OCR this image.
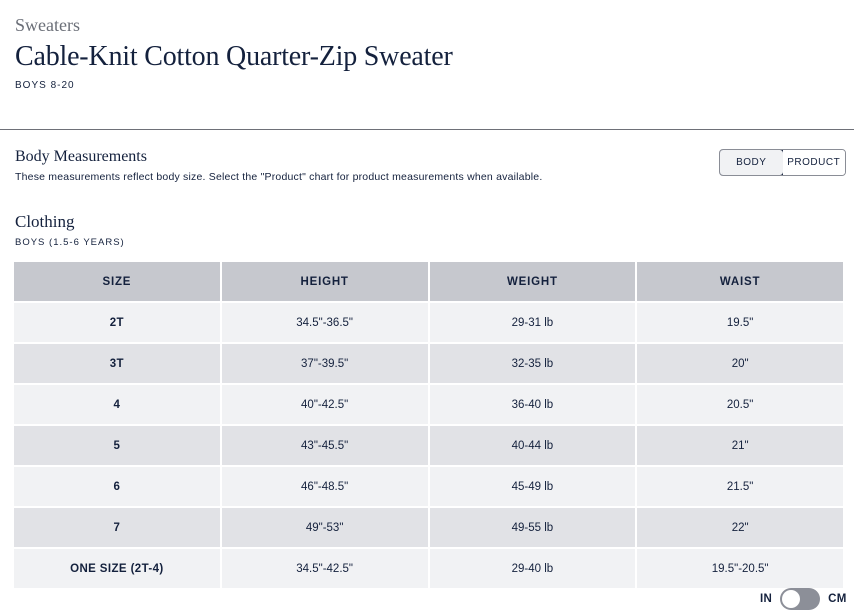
Sweaters
Cable-Knit Cotton Quarter-Zip Sweater
BOYS 8-20
Body Measurements
These measurements reflect body size. Select the "Product" chart for product measurements when available.
BODY	PRODUCT
Clothing
BOYS (1.5-6 YEARS)
SIZE	HEIGHT	WEIGHT	WAIST
2T	34.5"-36.5"	29-31 lb	19.5"
3T	37"-39.5"	32-35 lb	20"
4	40"-42.5"	36-40 lb	20.5"
5	43"-45.5"	40-44 lb	21"
6	46"-48.5"	45-49 lb	21.5"
7	49"-53"	49-55 lb	22"
ONE SIZE (2T-4)	34.5"-42.5"	29-40 lb	19.5"-20.5"
IN	CM
